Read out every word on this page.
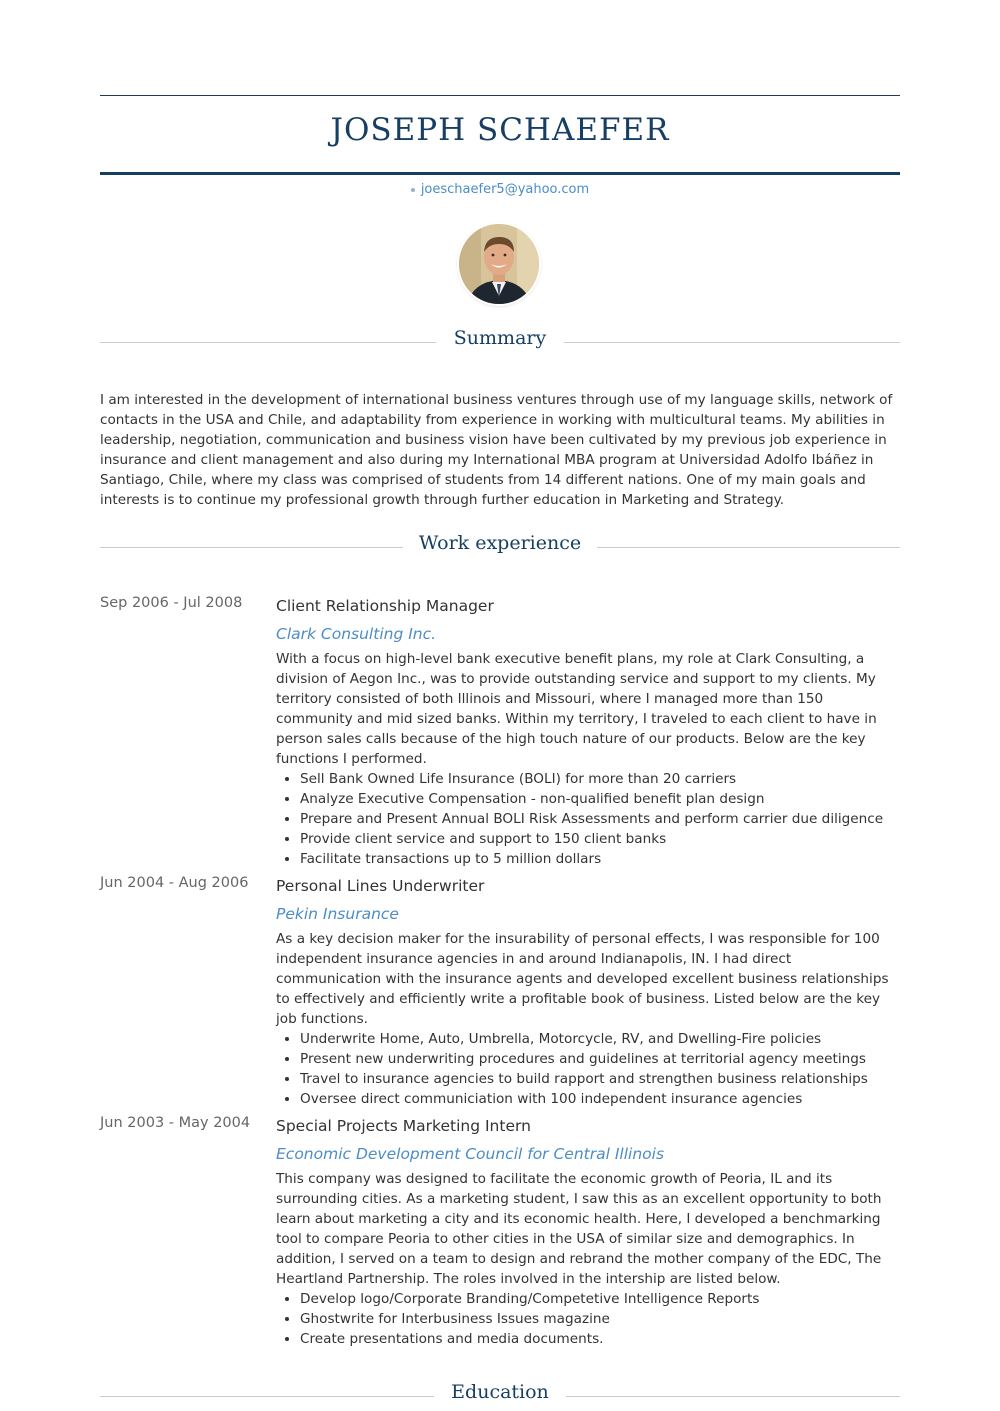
JOSEPH SCHAEFER
joeschaefer5@yahoo.com
Summary
I am interested in the development of international business ventures through use of my language skills, network of contacts in the USA and Chile, and adaptability from experience in working with multicultural teams. My abilities in leadership, negotiation, communication and business vision have been cultivated by my previous job experience in insurance and client management and also during my International MBA program at Universidad Adolfo Ibáñez in Santiago, Chile, where my class was comprised of students from 14 different nations. One of my main goals and interests is to continue my professional growth through further education in Marketing and Strategy.
Work experience
Sep 2006 - Jul 2008 Client Relationship Manager
Clark Consulting Inc.
With a focus on high-level bank executive benefit plans, my role at Clark Consulting, a division of Aegon Inc., was to provide outstanding service and support to my clients. My territory consisted of both Illinois and Missouri, where I managed more than 150 community and mid sized banks. Within my territory, I traveled to each client to have in person sales calls because of the high touch nature of our products. Below are the key functions I performed.
• Sell Bank Owned Life Insurance (BOLI) for more than 20 carriers
• Analyze Executive Compensation - non-qualified benefit plan design
• Prepare and Present Annual BOLI Risk Assessments and perform carrier due diligence
• Provide client service and support to 150 client banks
• Facilitate transactions up to 5 million dollars
Jun 2004 - Aug 2006 Personal Lines Underwriter
Pekin Insurance
As a key decision maker for the insurability of personal effects, I was responsible for 100 independent insurance agencies in and around Indianapolis, IN. I had direct communication with the insurance agents and developed excellent business relationships to effectively and efficiently write a profitable book of business. Listed below are the key job functions.
• Underwrite Home, Auto, Umbrella, Motorcycle, RV, and Dwelling-Fire policies
• Present new underwriting procedures and guidelines at territorial agency meetings
• Travel to insurance agencies to build rapport and strengthen business relationships
• Oversee direct communiciation with 100 independent insurance agencies
Jun 2003 - May 2004 Special Projects Marketing Intern
Economic Development Council for Central Illinois
This company was designed to facilitate the economic growth of Peoria, IL and its surrounding cities. As a marketing student, I saw this as an excellent opportunity to both learn about marketing a city and its economic health. Here, I developed a benchmarking tool to compare Peoria to other cities in the USA of similar size and demographics. In addition, I served on a team to design and rebrand the mother company of the EDC, The Heartland Partnership. The roles involved in the intership are listed below.
• Develop logo/Corporate Branding/Competetive Intelligence Reports
• Ghostwrite for Interbusiness Issues magazine
• Create presentations and media documents.
Education
